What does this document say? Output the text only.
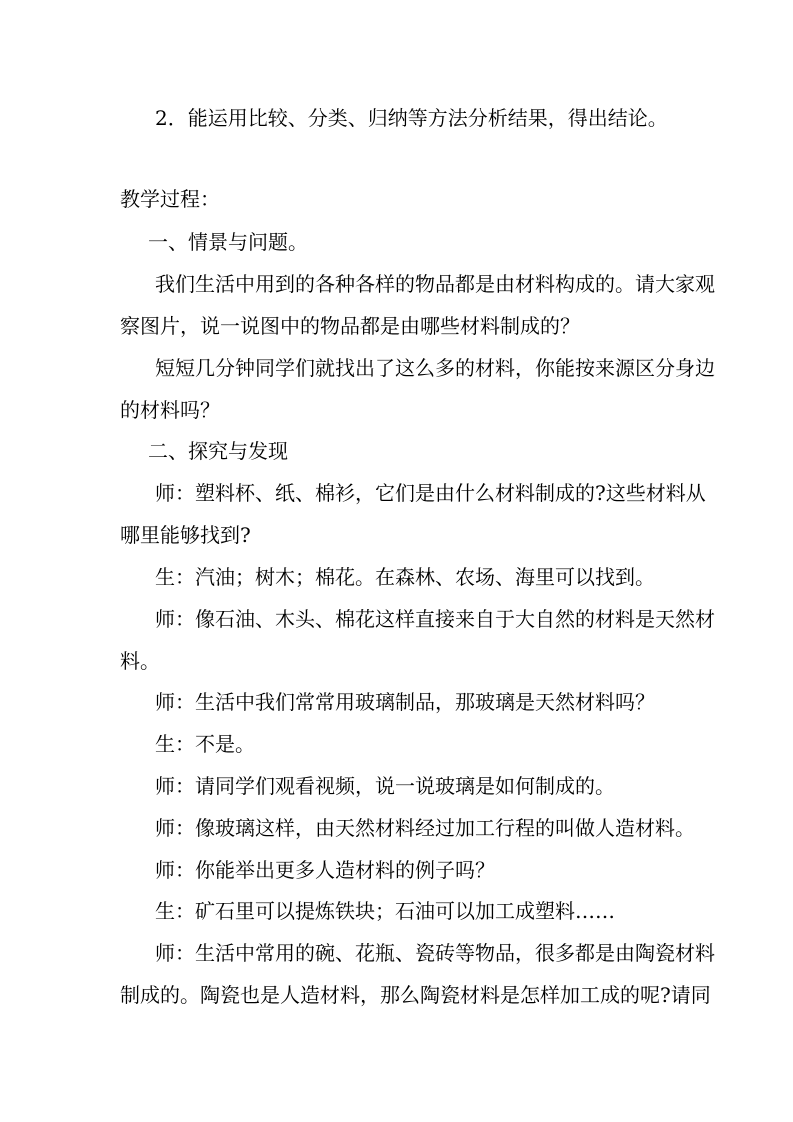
2．能运用比较、分类、归纳等方法分析结果，得出结论。
教学过程：
一、情景与问题。
我们生活中用到的各种各样的物品都是由材料构成的。请大家观
察图片，说一说图中的物品都是由哪些材料制成的？
短短几分钟同学们就找出了这么多的材料，你能按来源区分身边
的材料吗？
二、探究与发现
师：塑料杯、纸、棉衫，它们是由什么材料制成的?这些材料从
哪里能够找到?
生：汽油；树木；棉花。在森林、农场、海里可以找到。
师：像石油、木头、棉花这样直接来自于大自然的材料是天然材
料。
师：生活中我们常常用玻璃制品，那玻璃是天然材料吗？
生：不是。
师：请同学们观看视频，说一说玻璃是如何制成的。
师：像玻璃这样，由天然材料经过加工行程的叫做人造材料。
师：你能举出更多人造材料的例子吗？
生：矿石里可以提炼铁块；石油可以加工成塑料……
师：生活中常用的碗、花瓶、瓷砖等物品，很多都是由陶瓷材料
制成的。陶瓷也是人造材料，那么陶瓷材料是怎样加工成的呢?请同
